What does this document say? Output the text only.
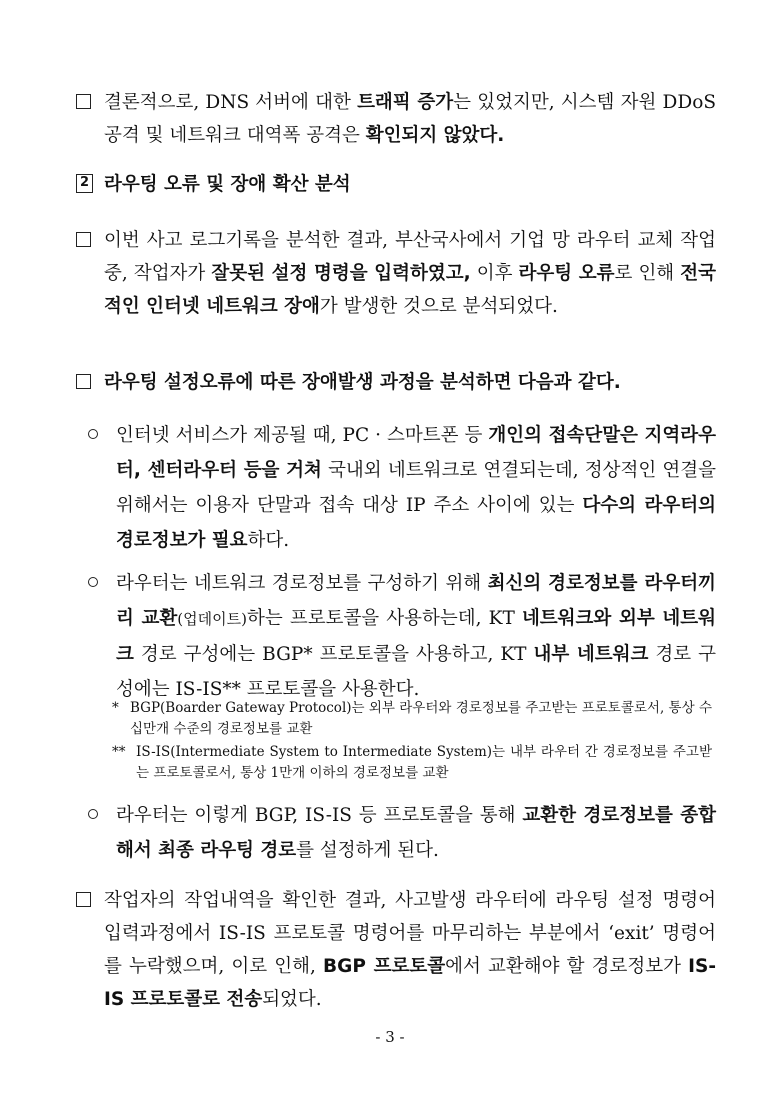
결론적으로, DNS 서버에 대한 트래픽 증가는 있었지만, 시스템 자원 DDoS 공격 및 네트워크 대역폭 공격은 확인되지 않았다.
2 라우팅 오류 및 장애 확산 분석
이번 사고 로그기록을 분석한 결과, 부산국사에서 기업 망 라우터 교체 작업 중, 작업자가 잘못된 설정 명령을 입력하였고, 이후 라우팅 오류로 인해 전국적인 인터넷 네트워크 장애가 발생한 것으로 분석되었다.
라우팅 설정오류에 따른 장애발생 과정을 분석하면 다음과 같다.
인터넷 서비스가 제공될 때, PC · 스마트폰 등 개인의 접속단말은 지역라우터, 센터라우터 등을 거쳐 국내외 네트워크로 연결되는데, 정상적인 연결을 위해서는 이용자 단말과 접속 대상 IP 주소 사이에 있는 다수의 라우터의 경로정보가 필요하다.
라우터는 네트워크 경로정보를 구성하기 위해 최신의 경로정보를 라우터끼리 교환(업데이트)하는 프로토콜을 사용하는데, KT 네트워크와 외부 네트워크 경로 구성에는 BGP* 프로토콜을 사용하고, KT 내부 네트워크 경로 구성에는 IS-IS** 프로토콜을 사용한다.
* BGP(Boarder Gateway Protocol)는 외부 라우터와 경로정보를 주고받는 프로토콜로서, 통상 수십만개 수준의 경로정보를 교환
** IS-IS(Intermediate System to Intermediate System)는 내부 라우터 간 경로정보를 주고받는 프로토콜로서, 통상 1만개 이하의 경로정보를 교환
라우터는 이렇게 BGP, IS-IS 등 프로토콜을 통해 교환한 경로정보를 종합해서 최종 라우팅 경로를 설정하게 된다.
작업자의 작업내역을 확인한 결과, 사고발생 라우터에 라우팅 설정 명령어 입력과정에서 IS-IS 프로토콜 명령어를 마무리하는 부분에서 ‘exit’ 명령어를 누락했으며, 이로 인해, BGP 프로토콜에서 교환해야 할 경로정보가 IS-IS 프로토콜로 전송되었다.
- 3 -
